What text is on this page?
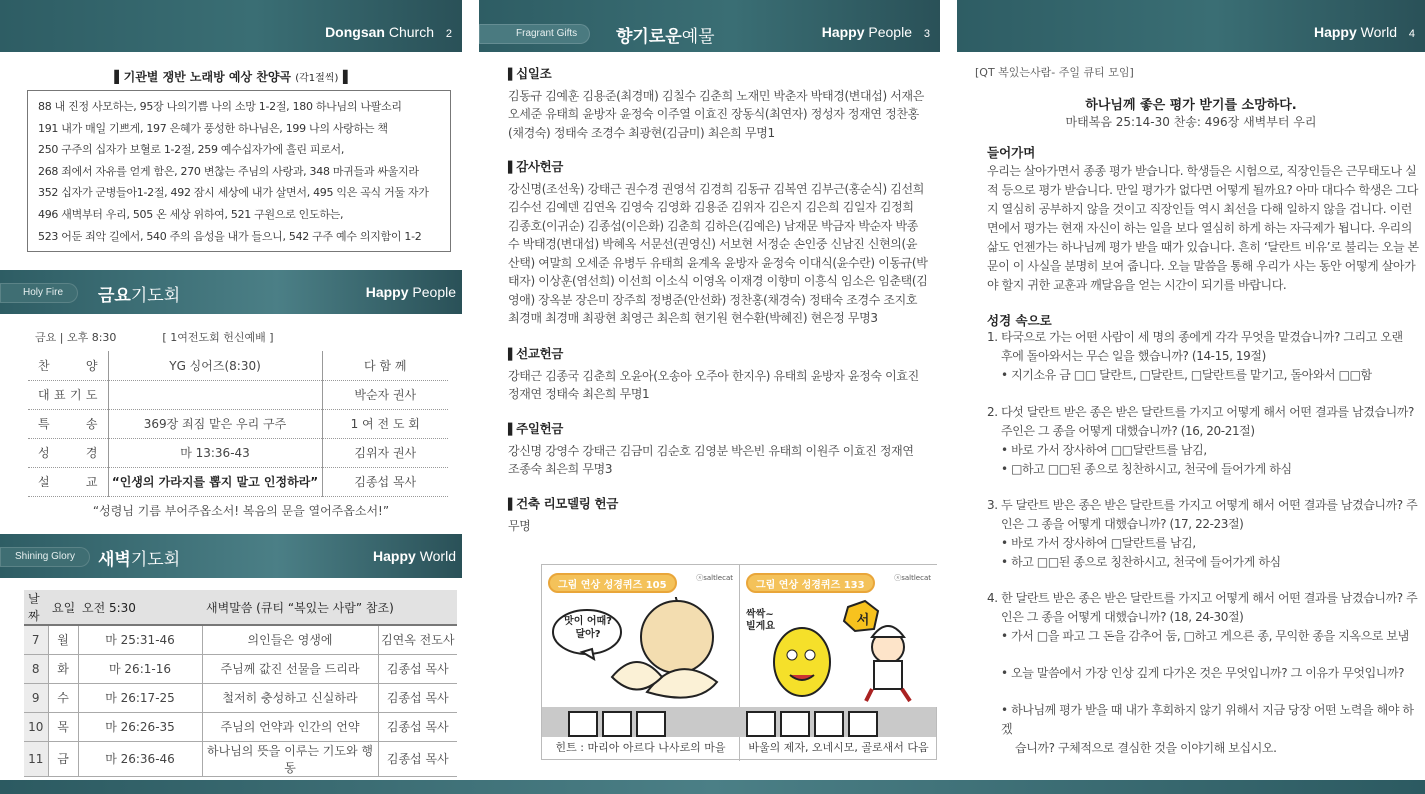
Dongsan Church 2
▌기관별 쟁반 노래방 예상 찬양곡 (각1절씩)▐
88 내 진정 사모하는, 95장 나의기쁨 나의 소망 1-2절, 180 하나님의 나팔소리
191 내가 매일 기쁘게, 197 은혜가 풍성한 하나님은, 199 나의 사랑하는 책
250 구주의 십자가 보혈로 1-2절, 259 예수십자가에 흘린 피로서,
268 죄에서 자유를 얻게 함은, 270 변찮는 주님의 사랑과, 348 마귀들과 싸울지라
352 십자가 군병들아1-2절, 492 잠시 세상에 내가 살면서, 495 익은 곡식 거둘 자가
496 새벽부터 우리, 505 온 세상 위하여, 521 구원으로 인도하는,
523 어둔 죄악 길에서, 540 주의 음성을 내가 들으니, 542 구주 예수 의지함이 1-2
Holy Fire	금요기도회	Happy People
금요 | 오후 8:30	[ 1여전도회 헌신예배 ]
찬 양	YG 싱어즈(8:30)	다 함 께
대 표 기 도		박순자 권사
특 송	369장 죄짐 맡은 우리 구주	1 여 전 도 회
성 경	마 13:36-43	김위자 권사
설 교	“인생의 가라지를 뽑지 말고 인정하라”	김종섭 목사
“성령님 기름 부어주옵소서! 복음의 문을 열어주옵소서!”
Shining Glory	새벽기도회	Happy World
날짜	요일	오전 5:30	새벽말씀 (큐티 “복있는 사람” 참조)	
7	월	마 25:31-46	의인들은 영생에	김연옥 전도사
8	화	마 26:1-16	주님께 값진 선물을 드리라	김종섭 목사
9	수	마 26:17-25	철저히 충성하고 신실하라	김종섭 목사
10	목	마 26:26-35	주님의 언약과 인간의 언약	김종섭 목사
11	금	마 26:36-46	하나님의 뜻을 이루는 기도와 행동	김종섭 목사
Fragrant Gifts	향기로운예물	Happy People 3
▌ 십일조
김동규 김예훈 김용준(최경매) 김칠수 김춘희 노재민 박춘자 박태경(변대섭) 서재은 오세준 유태희 윤방자 윤정숙 이주열 이효진 장동식(최연자) 정성자 정재연 정찬홍(채경숙) 정태숙 조경수 최광현(김금미) 최은희 무명1
▌ 감사헌금
강신명(조선욱) 강태근 권수경 권영석 김경희 김동규 김복연 김부근(홍순식) 김선희 김수선 김예덴 김연옥 김영숙 김영화 김용준 김위자 김은지 김은희 김일자 김정희 김종호(이귀순) 김종섭(이은화) 김춘희 김하은(김예은) 남재문 박금자 박순자 박종수 박태경(변대섭) 박혜옥 서문선(권영신) 서보현 서정순 손인중 신남진 신현의(윤산택) 여말희 오세준 유병두 유태희 윤계옥 윤방자 윤정숙 이대식(윤수란) 이동규(박태자) 이상훈(염선희) 이선희 이소식 이영옥 이재경 이향미 이흥식 임소은 임춘택(김영애) 장옥분 장은미 장주희 정병준(안선화) 정찬홍(채경숙) 정태숙 조경수 조지호 최경매 최경매 최광현 최영근 최은희 현기원 현수환(박혜진) 현은정 무명3
▌ 선교헌금
강태근 김종국 김춘희 오윤아(오송아 오주아 한지우) 유태희 윤방자 윤정숙 이효진 정재연 정태숙 최은희 무명1
▌ 주일헌금
강신명 강영수 강태근 김금미 김순호 김영분 박은빈 유태희 이원주 이효진 정재연 조종숙 최은희 무명3
▌ 건축 리모델링 헌금
무명
그림 연상 성경퀴즈 105
ⓢsaltlecat
맛이 어때? 달아?
그림 연상 성경퀴즈 133
ⓢsaltlecat
싹싹~ 빌게요	서
힌트 : 마리아 아르다 나사로의 마을	바울의 제자, 오네시모, 골로새서 다음
Happy World 4
[QT 복있는사람- 주일 큐티 모임]
하나님께 좋은 평가 받기를 소망하다.
마태복음 25:14-30 찬송: 496장 새벽부터 우리
들어가며
우리는 살아가면서 종종 평가 받습니다. 학생들은 시험으로, 직장인들은 근무태도나 실적 등으로 평가 받습니다. 만일 평가가 없다면 어떻게 될까요? 아마 대다수 학생은 그다지 열심히 공부하지 않을 것이고 직장인들 역시 최선을 다해 일하지 않을 겁니다. 이런 면에서 평가는 현재 자신이 하는 일을 보다 열심히 하게 하는 자극제가 됩니다. 우리의 삶도 언젠가는 하나님께 평가 받을 때가 있습니다. 흔히 ‘달란트 비유’로 불리는 오늘 본문이 이 사실을 분명히 보여 줍니다. 오늘 말씀을 통해 우리가 사는 동안 어떻게 살아가야 할지 귀한 교훈과 깨달음을 얻는 시간이 되기를 바랍니다.
성경 속으로
1. 타국으로 가는 어떤 사람이 세 명의 종에게 각각 무엇을 맡겼습니까? 그리고 오랜
후에 돌아와서는 무슨 일을 했습니까? (14-15, 19절)
• 지기소유 금 □□ 달란트, □달란트, □달란트를 맡기고, 돌아와서 □□함
2. 다섯 달란트 받은 종은 받은 달란트를 가지고 어떻게 해서 어떤 결과를 남겼습니까?
주인은 그 종을 어떻게 대했습니까? (16, 20-21절)
• 바로 가서 장사하여 □□달란트를 남김,
• □하고 □□된 종으로 칭찬하시고, 천국에 들어가게 하심
3. 두 달란트 받은 종은 받은 달란트를 가지고 어떻게 해서 어떤 결과를 남겼습니까? 주
인은 그 종을 어떻게 대했습니까? (17, 22-23절)
• 바로 가서 장사하여 □달란트를 남김,
• 하고 □□된 종으로 칭찬하시고, 천국에 들어가게 하심
4. 한 달란트 받은 종은 받은 달란트를 가지고 어떻게 해서 어떤 결과를 남겼습니까? 주
인은 그 종을 어떻게 대했습니까? (18, 24-30절)
• 가서 □을 파고 그 돈을 감추어 둠, □하고 게으른 종, 무익한 종을 지옥으로 보냄
• 오늘 말씀에서 가장 인상 깊게 다가온 것은 무엇입니까? 그 이유가 무엇입니까?
• 하나님께 평가 받을 때 내가 후회하지 않기 위해서 지금 당장 어떤 노력을 해야 하겠
습니까? 구체적으로 결심한 것을 이야기해 보십시오.
